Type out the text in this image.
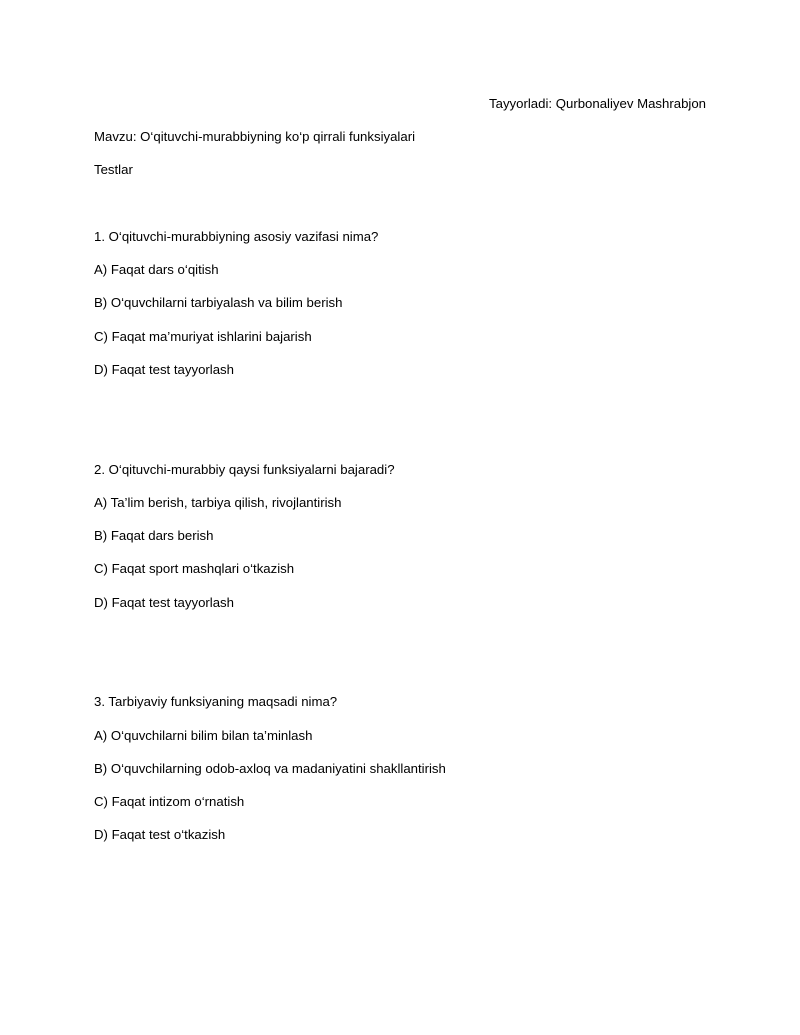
Tayyorladi: Qurbonaliyev Mashrabjon
Mavzu: O‘qituvchi-murabbiyning ko‘p qirrali funksiyalari
Testlar
1. O‘qituvchi-murabbiyning asosiy vazifasi nima?
A) Faqat dars o‘qitish
B) O‘quvchilarni tarbiyalash va bilim berish
C) Faqat ma’muriyat ishlarini bajarish
D) Faqat test tayyorlash
2. O‘qituvchi-murabbiy qaysi funksiyalarni bajaradi?
A) Ta’lim berish, tarbiya qilish, rivojlantirish
B) Faqat dars berish
C) Faqat sport mashqlari o‘tkazish
D) Faqat test tayyorlash
3. Tarbiyaviy funksiyaning maqsadi nima?
A) O‘quvchilarni bilim bilan ta’minlash
B) O‘quvchilarning odob-axloq va madaniyatini shakllantirish
C) Faqat intizom o‘rnatish
D) Faqat test o‘tkazish
